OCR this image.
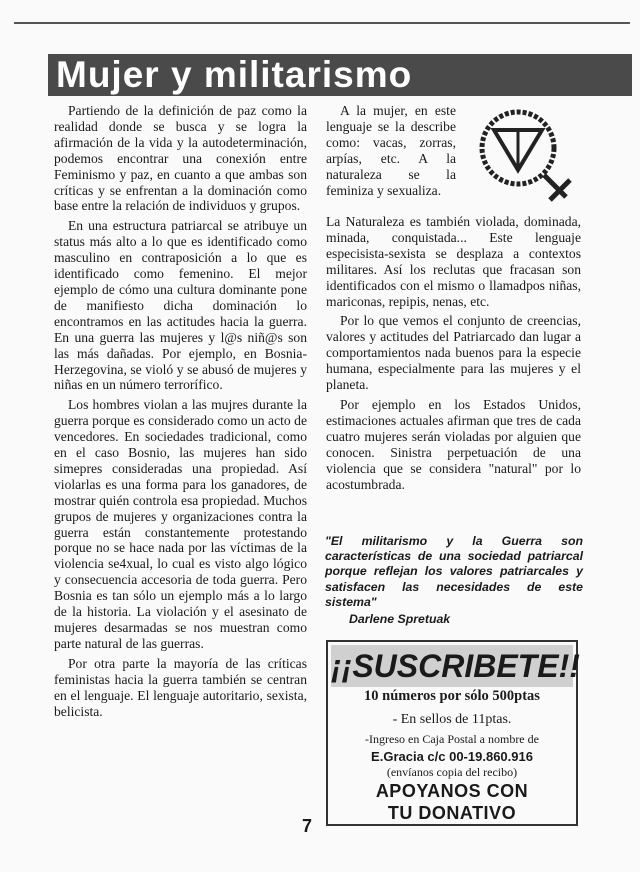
Mujer y militarismo

Partiendo de la definición de paz como la realidad donde se busca y se logra la afirmación de la vida y la autodeterminación, podemos encontrar una conexión entre Feminismo y paz, en cuanto a que ambas son críticas y se enfrentan a la dominación como base entre la relación de individuos y grupos.

En una estructura patriarcal se atribuye un status más alto a lo que es identificado como masculino en contraposición a lo que es identificado como femenino. El mejor ejemplo de cómo una cultura dominante pone de manifiesto dicha dominación lo encontramos en las actitudes hacia la guerra. En una guerra las mujeres y l@s niñ@s son las más dañadas. Por ejemplo, en Bosnia-Herzegovina, se violó y se abusó de mujeres y niñas en un número terrorífico.

Los hombres violan a las mujres durante la guerra porque es considerado como un acto de vencedores. En sociedades tradicional, como en el caso Bosnio, las mujeres han sido simepres consideradas una propiedad. Así violarlas es una forma para los ganadores, de mostrar quién controla esa propiedad. Muchos grupos de mujeres y organizaciones contra la guerra están constantemente protestando porque no se hace nada por las víctimas de la violencia se4xual, lo cual es visto algo lógico y consecuencia accesoria de toda guerra. Pero Bosnia es tan sólo un ejemplo más a lo largo de la historia. La violación y el asesinato de mujeres desarmadas se nos muestran como parte natural de las guerras.

Por otra parte la mayoría de las críticas feministas hacia la guerra también se centran en el lenguaje. El lenguaje autoritario, sexista, belicista.

A la mujer, en este lenguaje se la describe como: vacas, zorras, arpías, etc. A la naturaleza se la feminiza y sexualiza.

La Naturaleza es también violada, dominada, minada, conquistada... Este lenguaje especisista-sexista se desplaza a contextos militares. Así los reclutas que fracasan son identificados con el mismo o llamadpos niñas, mariconas, repipis, nenas, etc.

Por lo que vemos el conjunto de creencias, valores y actitudes del Patriarcado dan lugar a comportamientos nada buenos para la especie humana, especialmente para las mujeres y el planeta.

Por ejemplo en los Estados Unidos, estimaciones actuales afirman que tres de cada cuatro mujeres serán violadas por alguien que conocen. Sinistra perpetuación de una violencia que se considera "natural" por lo acostumbrada.

"El militarismo y la Guerra son características de una sociedad patriarcal porque reflejan los valores patriarcales y satisfacen las necesidades de este sistema"
Darlene Spretuak
¡¡SUSCRIBETE!!
10 números por sólo 500ptas
- En sellos de 11ptas.
-Ingreso en Caja Postal a nombre de
E.Gracia c/c 00-19.860.916
(envíanos copia del recibo)
APOYANOS CON
TU DONATIVO
7
